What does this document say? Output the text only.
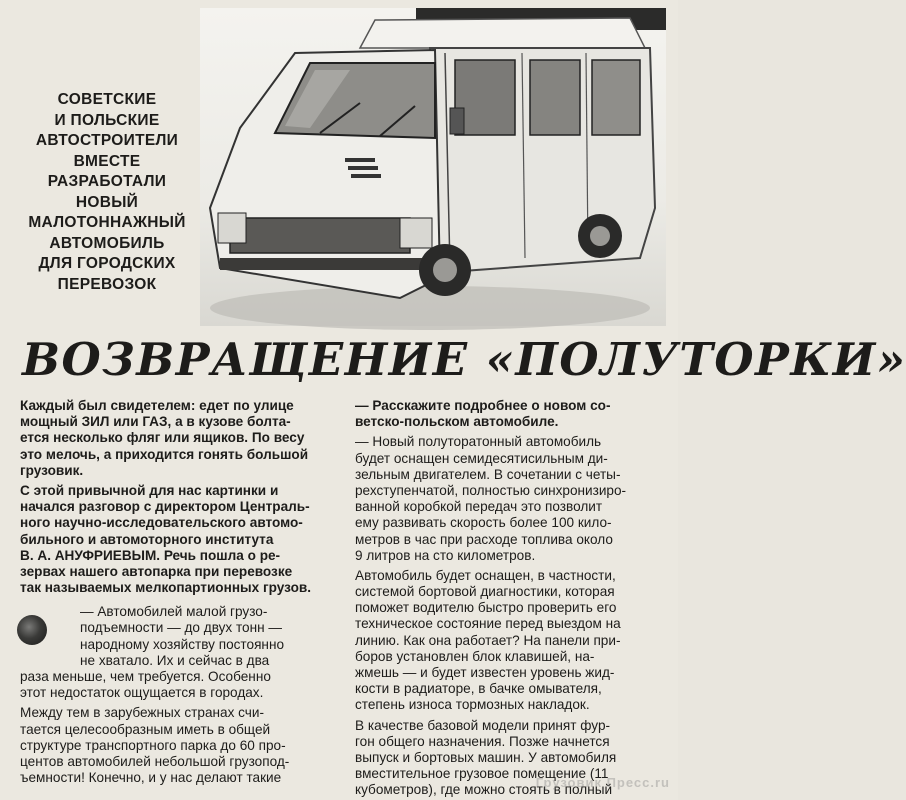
СОВЕТСКИЕ
И ПОЛЬСКИЕ
АВТОСТРОИТЕЛИ
ВМЕСТЕ
РАЗРАБОТАЛИ
НОВЫЙ
МАЛОТОННАЖНЫЙ
АВТОМОБИЛЬ
ДЛЯ ГОРОДСКИХ
ПЕРЕВОЗОК
ВОЗВРАЩЕНИЕ «ПОЛУТОРКИ»
Каждый был свидетелем: едет по улице
мощный ЗИЛ или ГАЗ, а в кузове болта-
ется несколько фляг или ящиков. По весу
это мелочь, а приходится гонять большой
грузовик.
С этой привычной для нас картинки и
начался разговор с директором Централь-
ного научно-исследовательского автомо-
бильного и автомоторного института
В. А. АНУФРИЕВЫМ. Речь пошла о ре-
зервах нашего автопарка при перевозке
так называемых мелкопартионных грузов.
— Автомобилей малой грузо-
подъемности — до двух тонн —
народному хозяйству постоянно
не хватало. Их и сейчас в два
раза меньше, чем требуется. Особенно
этот недостаток ощущается в городах.
Между тем в зарубежных странах счи-
тается целесообразным иметь в общей
структуре транспортного парка до 60 про-
центов автомобилей небольшой грузопод-
ъемности! Конечно, и у нас делают такие
— Расскажите подробнее о новом со-
ветско-польском автомобиле.
— Новый полуторатонный автомобиль
будет оснащен семидесятисильным ди-
зельным двигателем. В сочетании с четы-
рехступенчатой, полностью синхронизиро-
ванной коробкой передач это позволит
ему развивать скорость более 100 кило-
метров в час при расходе топлива около
9 литров на сто километров.
Автомобиль будет оснащен, в частности,
системой бортовой диагностики, которая
поможет водителю быстро проверить его
техническое состояние перед выездом на
линию. Как она работает? На панели при-
боров установлен блок клавишей, на-
жмешь — и будет известен уровень жид-
кости в радиаторе, в бачке омывателя,
степень износа тормозных накладок.
В качестве базовой модели принят фур-
гон общего назначения. Позже начнется
выпуск и бортовых машин. У автомобиля
вместительное грузовое помещение (11
кубометров), где можно стоять в полный
Грузовик Пресс.ru
